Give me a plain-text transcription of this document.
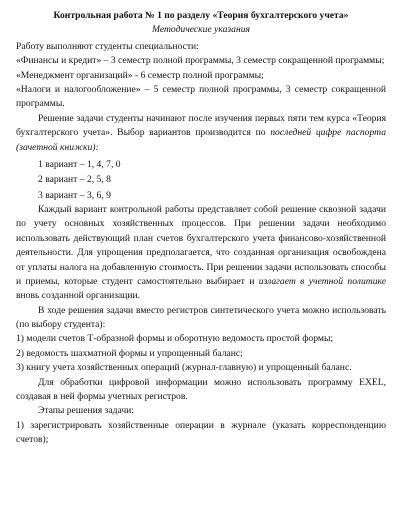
Контрольная работа № 1 по разделу «Теория бухгалтерского учета»

Методические указания

Работу выполняют студенты специальности:

«Финансы и кредит» – 3 семестр полной программы, 3 семестр сокращенной программы;

«Менеджмент организаций» - 6 семестр полной программы;

«Налоги и налогообложение» – 5 семестр полной программы, 3 семестр сокращенной программы.

Решение задачи студенты начинают после изучения первых пяти тем курса «Теория бухгалтерского учета». Выбор вариантов производится по последней цифре паспорта (зачетной книжки):

1 вариант – 1, 4, 7, 0
2 вариант – 2, 5, 8
3 вариант – 3, 6, 9

Каждый вариант контрольной работы представляет собой решение сквозной задачи по учету основных хозяйственных процессов. При решении задачи необходимо использовать действующий план счетов бухгалтерского учета финансово-хозяйственной деятельности. Для упрощения предполагается, что созданная организация освобождена от уплаты налога на добавленную стоимость. При решении задачи использовать способы и приемы, которые студент самостоятельно выбирает и излагает в учетной политике вновь созданной организации.

В ходе решения задачи вместо регистров синтетического учета можно использовать (по выбору студента):

1) модели счетов Т-образной формы и оборотную ведомость простой формы;

2) ведомость шахматной формы и упрощенный баланс;

3) книгу учета хозяйственных операций (журнал-главную) и упрощенный баланс.

Для обработки цифровой информации можно использовать программу EXEL, создавая в ней формы учетных регистров.

Этапы решения задачи:

1) зарегистрировать хозяйственные операции в журнале (указать корреспонденцию счетов);
